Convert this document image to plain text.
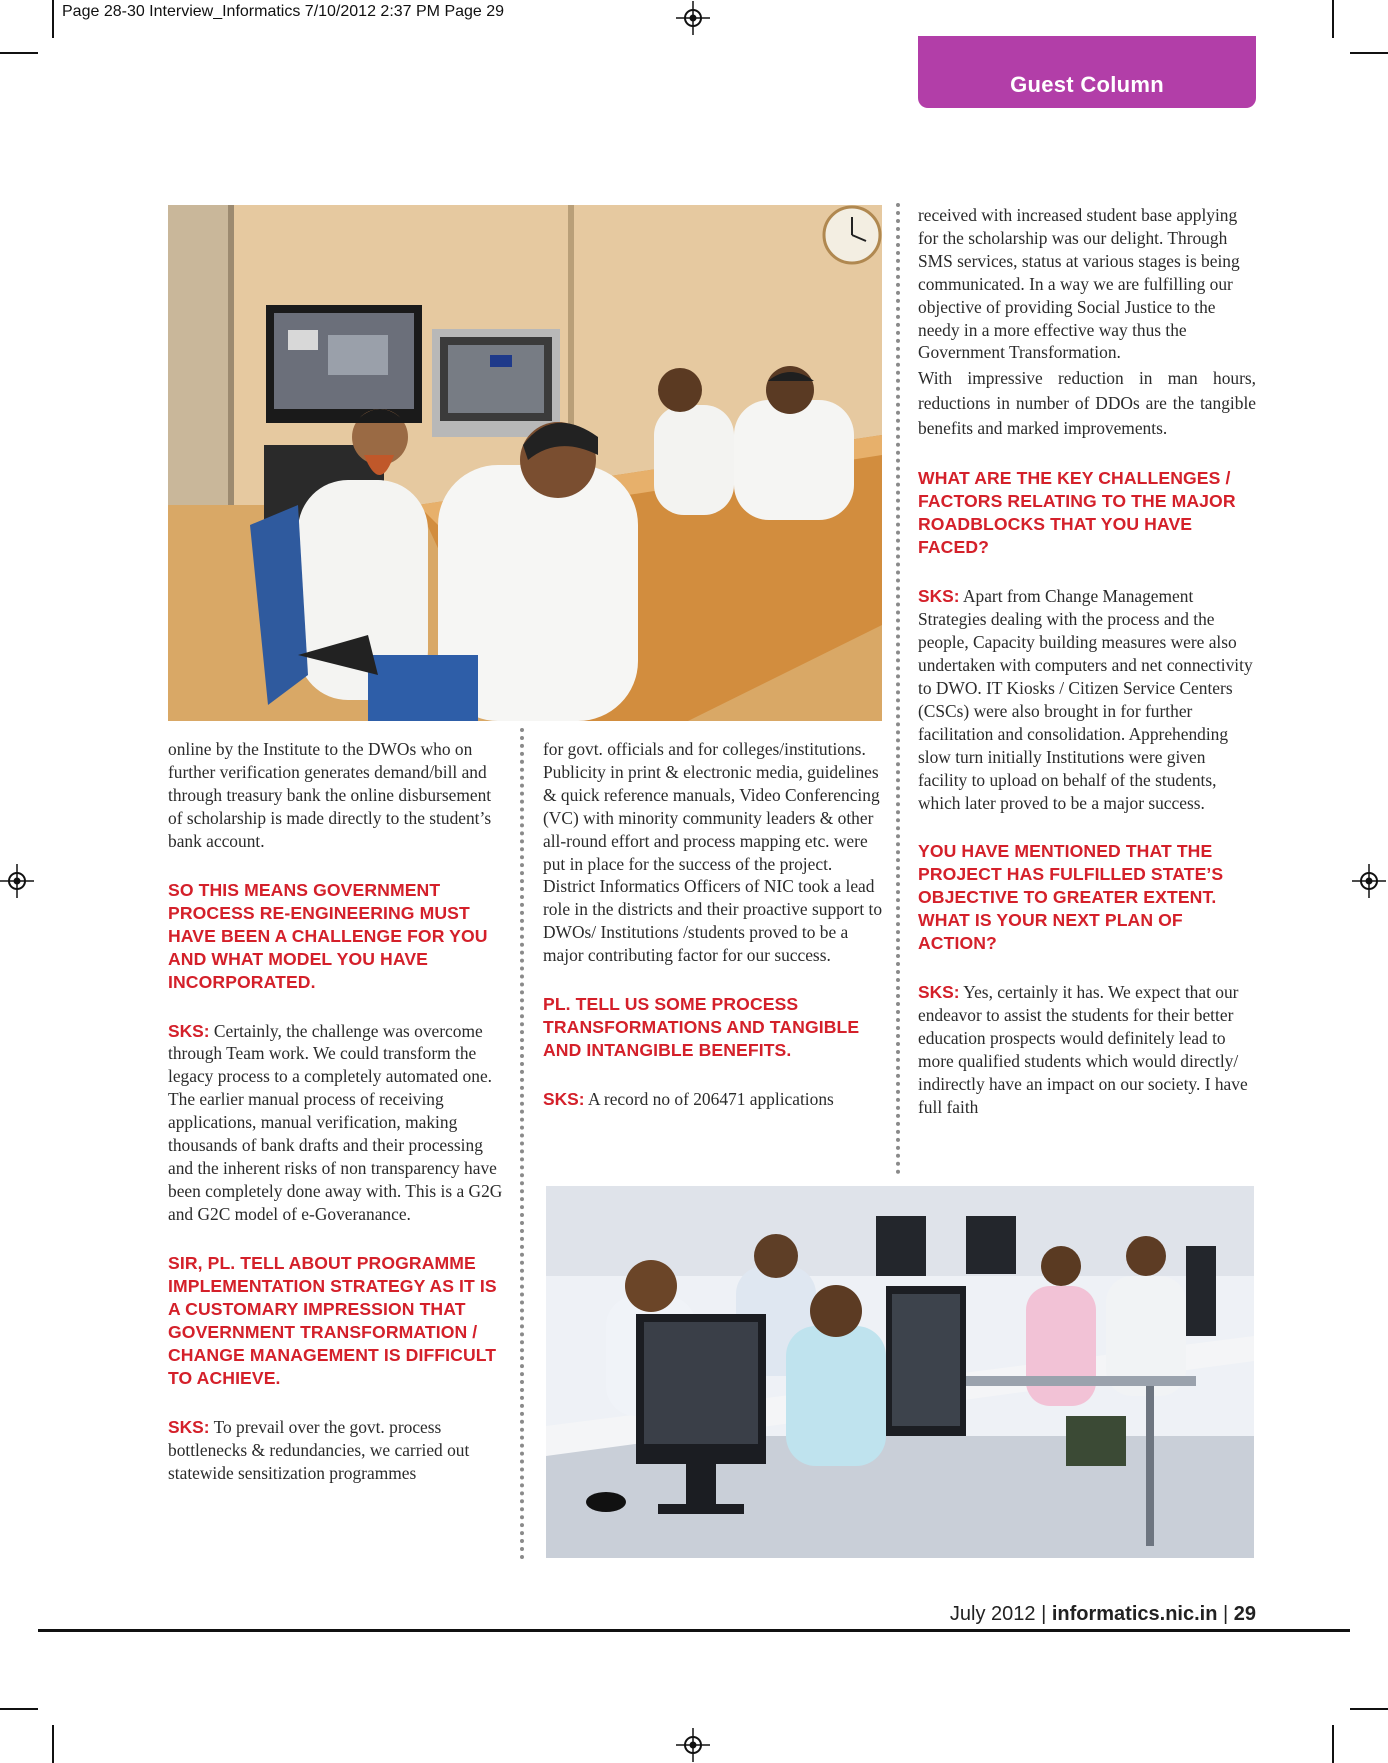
Page 28-30 Interview_Informatics 7/10/2012 2:37 PM Page 29
Guest Column

online by the Institute to the DWOs who on further verification generates demand/bill and through treasury bank the online disbursement of scholarship is made directly to the student’s bank account.

SO THIS MEANS GOVERNMENT PROCESS RE-ENGINEERING MUST HAVE BEEN A CHALLENGE FOR YOU AND WHAT MODEL YOU HAVE INCORPORATED.

SKS: Certainly, the challenge was overcome through Team work. We could transform the legacy process to a completely automated one. The earlier manual process of receiving applications, manual verification, making thousands of bank drafts and their processing and the inherent risks of non transparency have been completely done away with. This is a G2G and G2C model of e-Goveranance.

SIR, PL. TELL ABOUT PROGRAMME IMPLEMENTATION STRATEGY AS IT IS A CUSTOMARY IMPRESSION THAT GOVERNMENT TRANSFORMATION / CHANGE MANAGEMENT IS DIFFICULT TO ACHIEVE.

SKS: To prevail over the govt. process bottlenecks & redundancies, we carried out statewide sensitization programmes

for govt. officials and for colleges/institutions. Publicity in print & electronic media, guidelines & quick reference manuals, Video Conferencing (VC) with minority community leaders & other all-round effort and process mapping etc. were put in place for the success of the project. District Informatics Officers of NIC took a lead role in the districts and their proactive support to DWOs/ Institutions /students proved to be a major contributing factor for our success.

PL. TELL US SOME PROCESS TRANSFORMATIONS AND TANGIBLE AND INTANGIBLE BENEFITS.

SKS: A record no of 206471 applications

received with increased student base applying for the scholarship was our delight. Through SMS services, status at various stages is being communicated. In a way we are fulfilling our objective of providing Social Justice to the needy in a more effective way thus the Government Transformation.

With impressive reduction in man hours, reductions in number of DDOs are the tangible benefits and marked improvements.

WHAT ARE THE KEY CHALLENGES / FACTORS RELATING TO THE MAJOR ROADBLOCKS THAT YOU HAVE FACED?

SKS: Apart from Change Management Strategies dealing with the process and the people, Capacity building measures were also undertaken with computers and net connectivity to DWO. IT Kiosks / Citizen Service Centers (CSCs) were also brought in for further facilitation and consolidation. Apprehending slow turn initially Institutions were given facility to upload on behalf of the students, which later proved to be a major success.

YOU HAVE MENTIONED THAT THE PROJECT HAS FULFILLED STATE’S OBJECTIVE TO GREATER EXTENT. WHAT IS YOUR NEXT PLAN OF ACTION?

SKS: Yes, certainly it has. We expect that our endeavor to assist the students for their better education prospects would definitely lead to more qualified students which would directly/ indirectly have an impact on our society. I have full faith

July 2012 | informatics.nic.in | 29
